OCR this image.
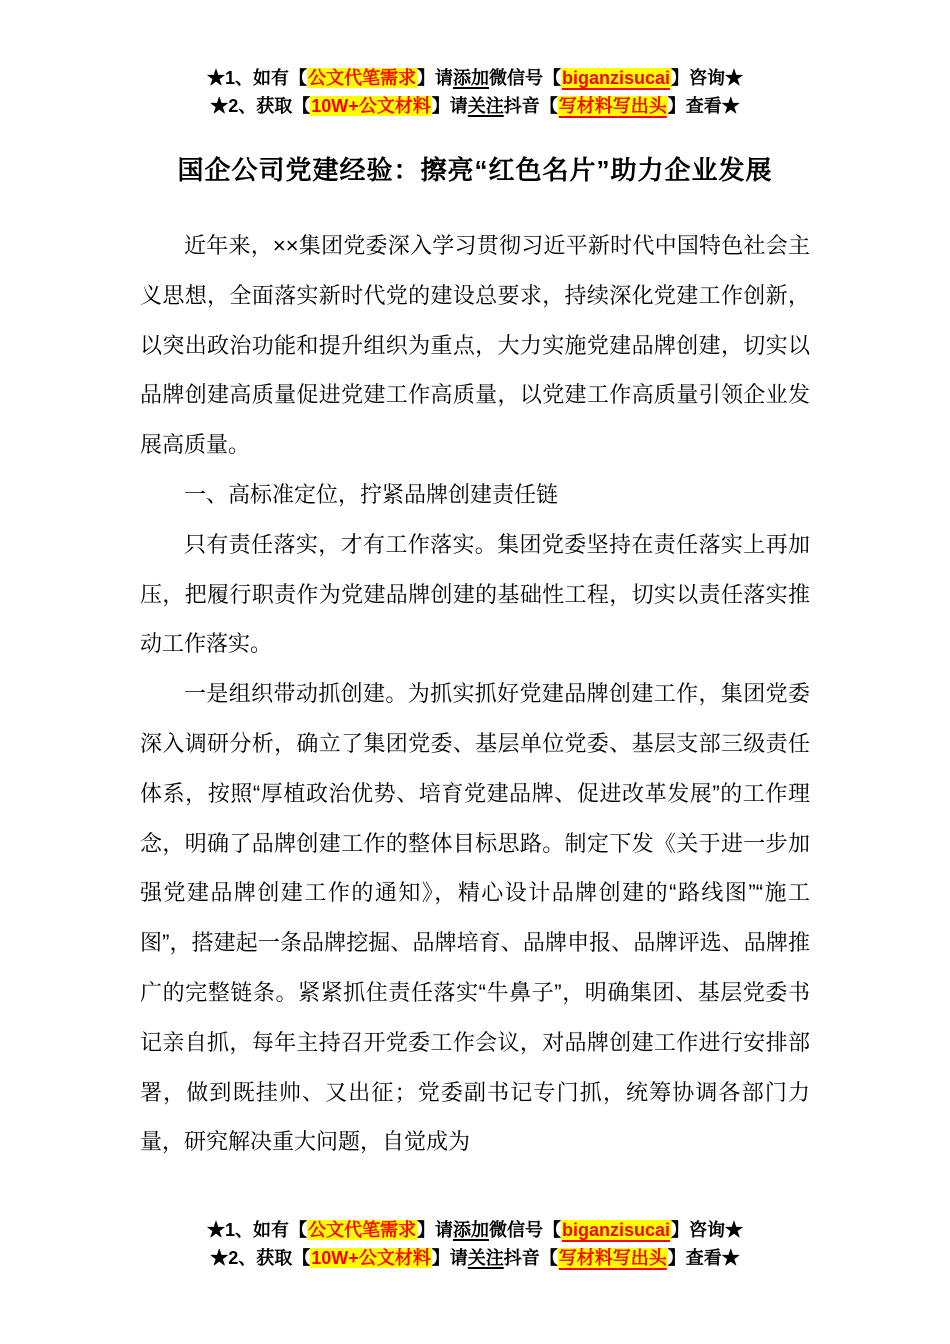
★1、如有【公文代笔需求】请添加微信号【biganzisucai】咨询★
★2、获取【10W+公文材料】请关注抖音【写材料写出头】查看★
国企公司党建经验：擦亮“红色名片”助力企业发展

近年来，××集团党委深入学习贯彻习近平新时代中国特色社会主义思想，全面落实新时代党的建设总要求，持续深化党建工作创新，以突出政治功能和提升组织为重点，大力实施党建品牌创建，切实以品牌创建高质量促进党建工作高质量，以党建工作高质量引领企业发展高质量。

一、高标准定位，拧紧品牌创建责任链

只有责任落实，才有工作落实。集团党委坚持在责任落实上再加压，把履行职责作为党建品牌创建的基础性工程，切实以责任落实推动工作落实。

一是组织带动抓创建。为抓实抓好党建品牌创建工作，集团党委深入调研分析，确立了集团党委、基层单位党委、基层支部三级责任体系，按照“厚植政治优势、培育党建品牌、促进改革发展”的工作理念，明确了品牌创建工作的整体目标思路。制定下发《关于进一步加强党建品牌创建工作的通知》，精心设计品牌创建的“路线图”“施工图”，搭建起一条品牌挖掘、品牌培育、品牌申报、品牌评选、品牌推广的完整链条。紧紧抓住责任落实“牛鼻子”，明确集团、基层党委书记亲自抓，每年主持召开党委工作会议，对品牌创建工作进行安排部署，做到既挂帅、又出征；党委副书记专门抓，统筹协调各部门力量，研究解决重大问题，自觉成为

★1、如有【公文代笔需求】请添加微信号【biganzisucai】咨询★
★2、获取【10W+公文材料】请关注抖音【写材料写出头】查看★
